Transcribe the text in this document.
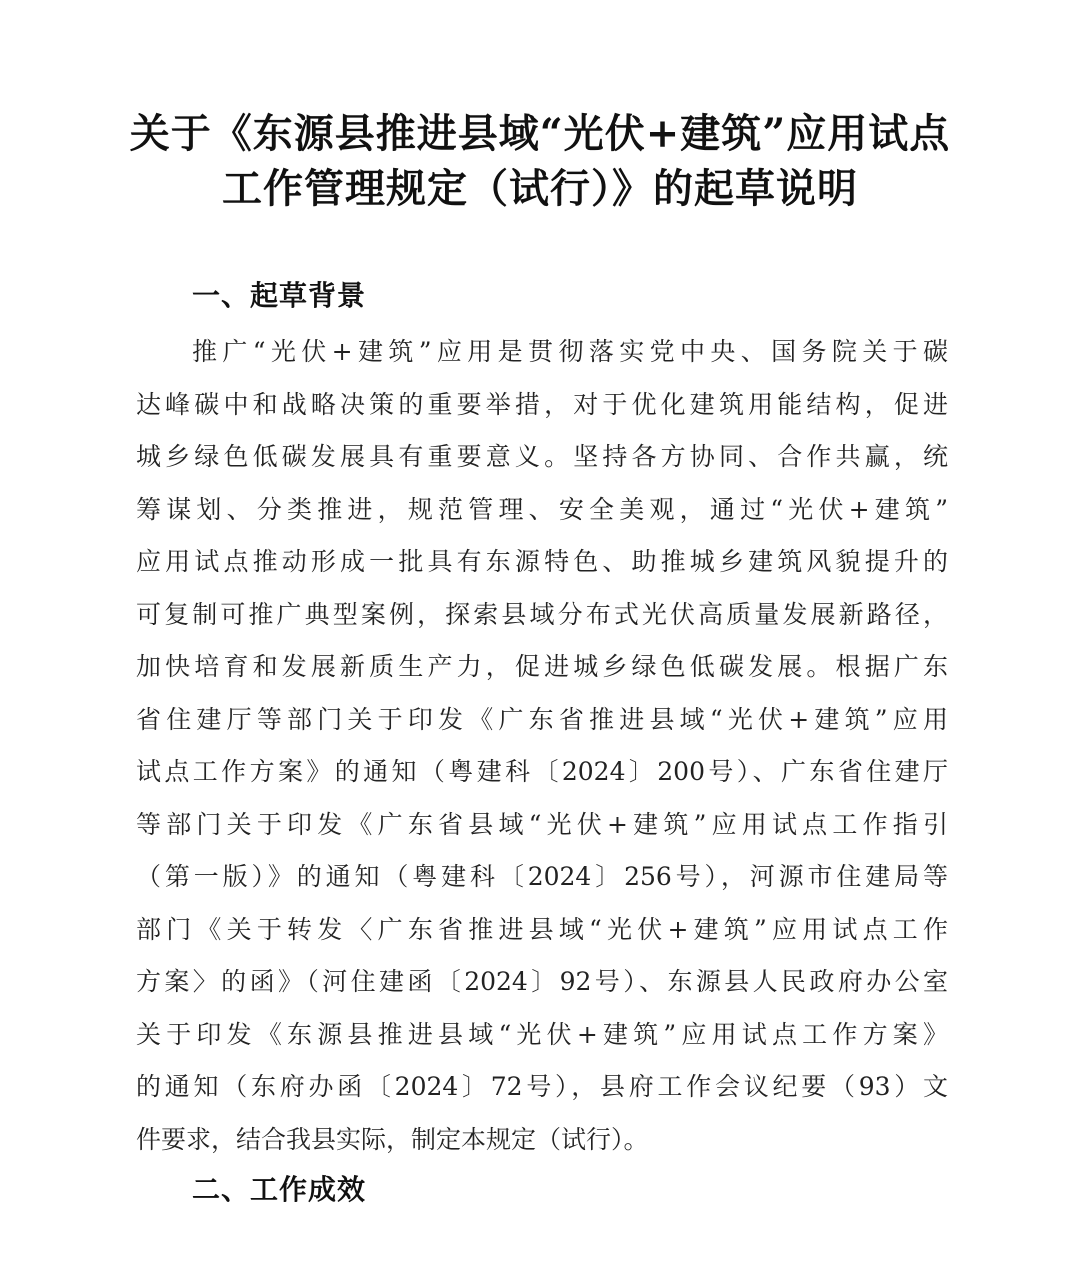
关于《东源县推进县域“光伏+建筑”应用试点
工作管理规定（试行）》的起草说明
一、起草背景
推广“光伏+建筑”应用是贯彻落实党中央、国务院关于碳
达峰碳中和战略决策的重要举措，对于优化建筑用能结构，促进
城乡绿色低碳发展具有重要意义。坚持各方协同、合作共赢，统
筹谋划、分类推进，规范管理、安全美观，通过“光伏+建筑”
应用试点推动形成一批具有东源特色、助推城乡建筑风貌提升的
可复制可推广典型案例，探索县域分布式光伏高质量发展新路径，
加快培育和发展新质生产力，促进城乡绿色低碳发展。根据广东
省住建厅等部门关于印发《广东省推进县域“光伏+建筑”应用
试点工作方案》的通知（粤建科〔2024〕200号）、广东省住建厅
等部门关于印发《广东省县域“光伏+建筑”应用试点工作指引
（第一版）》的通知（粤建科〔2024〕256号），河源市住建局等
部门《关于转发〈广东省推进县域“光伏+建筑”应用试点工作
方案〉的函》（河住建函〔2024〕92号）、东源县人民政府办公室
关于印发《东源县推进县域“光伏+建筑”应用试点工作方案》
的通知（东府办函〔2024〕72号），县府工作会议纪要（93）文
件要求，结合我县实际，制定本规定（试行）。
二、工作成效
